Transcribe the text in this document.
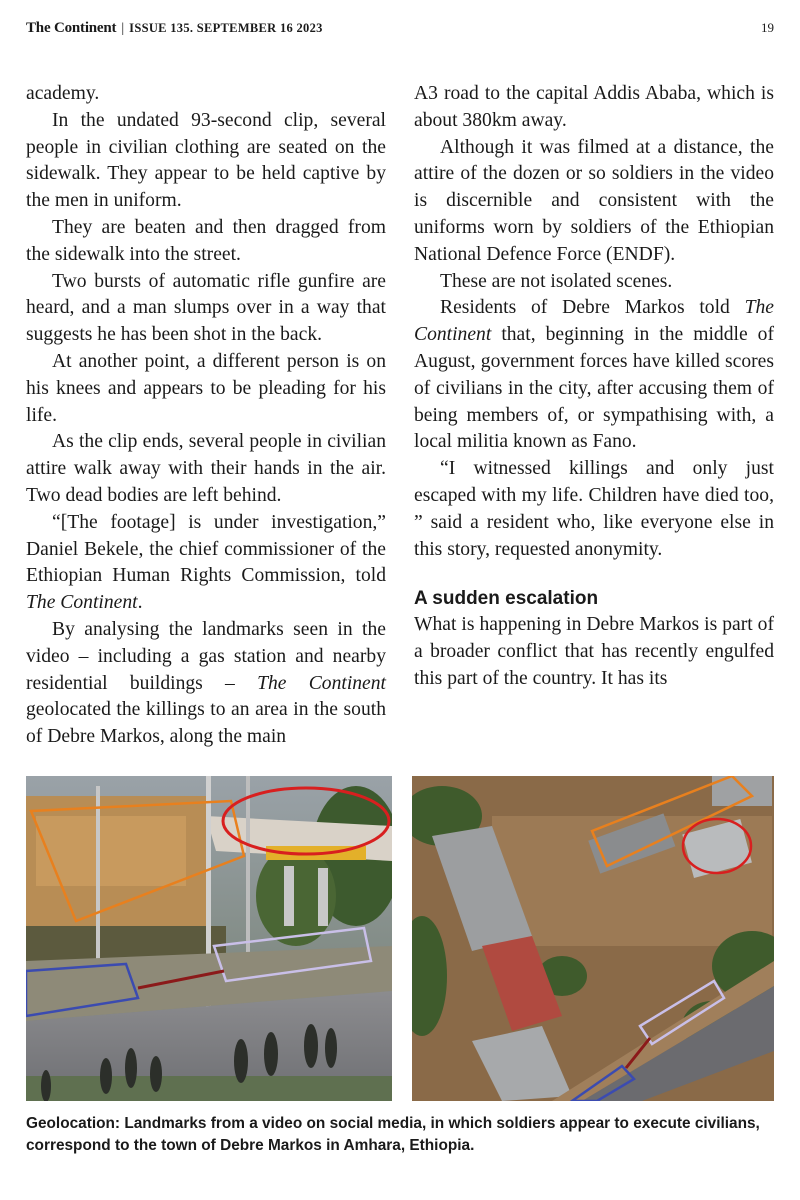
The Continent | ISSUE 135. SEPTEMBER 16 2023	19

academy.

In the undated 93-second clip, several people in civilian clothing are seated on the sidewalk. They appear to be held captive by the men in uniform.

They are beaten and then dragged from the sidewalk into the street.

Two bursts of automatic rifle gunfire are heard, and a man slumps over in a way that suggests he has been shot in the back.

At another point, a different person is on his knees and appears to be pleading for his life.

As the clip ends, several people in civilian attire walk away with their hands in the air. Two dead bodies are left behind.

“[The footage] is under investigation,” Daniel Bekele, the chief commissioner of the Ethiopian Human Rights Commission, told The Continent.

By analysing the landmarks seen in the video – including a gas station and nearby residential buildings – The Continent geolocated the killings to an area in the south of Debre Markos, along the main

A3 road to the capital Addis Ababa, which is about 380km away.

Although it was filmed at a distance, the attire of the dozen or so soldiers in the video is discernible and consistent with the uniforms worn by soldiers of the Ethiopian National Defence Force (ENDF).

These are not isolated scenes.

Residents of Debre Markos told The Continent that, beginning in the middle of August, government forces have killed scores of civilians in the city, after accusing them of being members of, or sympathising with, a local militia known as Fano.

“I witnessed killings and only just escaped with my life. Children have died too, ” said a resident who, like everyone else in this story, requested anonymity.

A sudden escalation

What is happening in Debre Markos is part of a broader conflict that has recently engulfed this part of the country. It has its

Geolocation: Landmarks from a video on social media, in which soldiers appear to execute civilians, correspond to the town of Debre Markos in Amhara, Ethiopia.
